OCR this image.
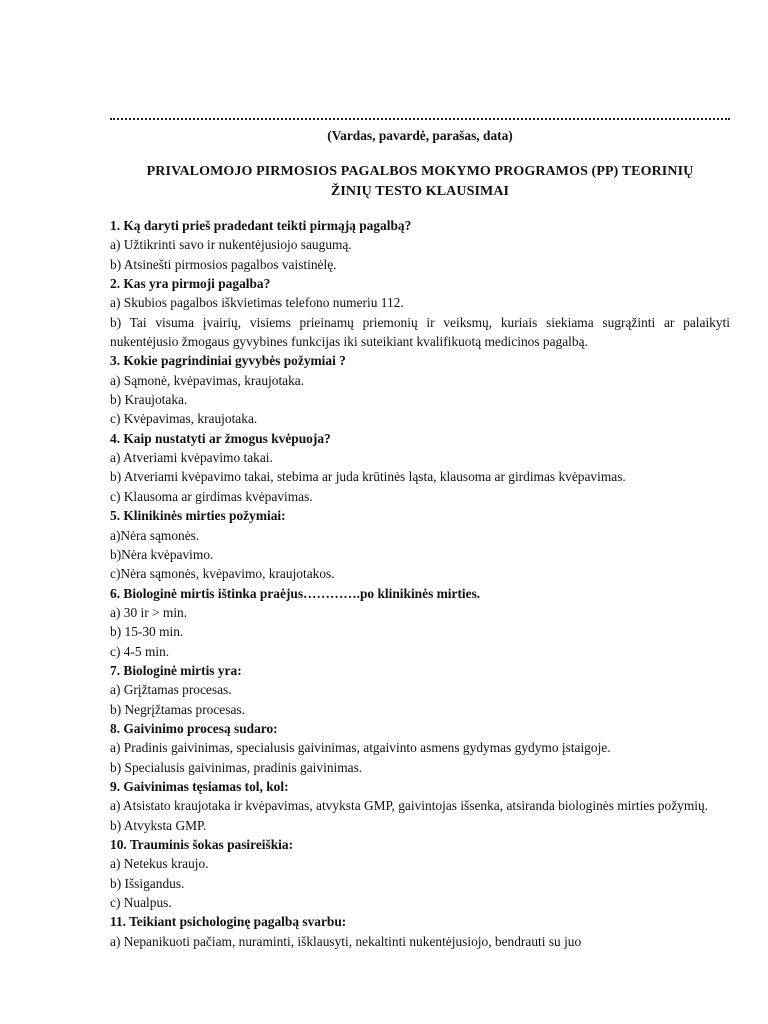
(Vardas, pavardė, parašas, data)
PRIVALOMOJO PIRMOSIOS PAGALBOS MOKYMO PROGRAMOS (PP) TEORINIŲ
ŽINIŲ TESTO KLAUSIMAI
1. Ką daryti prieš pradedant teikti pirmąją pagalbą?
a) Užtikrinti savo ir nukentėjusiojo saugumą.
b) Atsinešti pirmosios pagalbos vaistinėlę.
2. Kas yra pirmoji pagalba?
a) Skubios pagalbos iškvietimas telefono numeriu 112.
b) Tai visuma įvairių, visiems prieinamų priemonių ir veiksmų, kuriais siekiama sugrąžinti ar palaikyti nukentėjusio žmogaus gyvybines funkcijas iki suteikiant kvalifikuotą medicinos pagalbą.
3. Kokie pagrindiniai gyvybės požymiai ?
a) Sąmonė, kvėpavimas, kraujotaka.
b) Kraujotaka.
c) Kvėpavimas, kraujotaka.
4. Kaip nustatyti ar žmogus kvėpuoja?
a) Atveriami kvėpavimo takai.
b) Atveriami kvėpavimo takai, stebima ar juda krūtinės ląsta, klausoma ar girdimas kvėpavimas.
c) Klausoma ar girdimas kvėpavimas.
5. Klinikinės mirties požymiai:
a)Nėra sąmonės.
b)Nėra kvėpavimo.
c)Nėra sąmonės, kvėpavimo, kraujotakos.
6. Biologinė mirtis ištinka praėjus………….po klinikinės mirties.
a) 30 ir > min.
b) 15-30 min.
c) 4-5 min.
7. Biologinė mirtis yra:
a) Grįžtamas procesas.
b) Negrįžtamas procesas.
8. Gaivinimo procesą sudaro:
a) Pradinis gaivinimas, specialusis gaivinimas, atgaivinto asmens gydymas gydymo įstaigoje.
b) Specialusis gaivinimas, pradinis gaivinimas.
9. Gaivinimas tęsiamas tol, kol:
a) Atsistato kraujotaka ir kvėpavimas, atvyksta GMP, gaivintojas išsenka, atsiranda biologinės mirties požymių.
b) Atvyksta GMP.
10. Trauminis šokas pasireiškia:
a) Netekus kraujo.
b) Išsigandus.
c) Nualpus.
11. Teikiant psichologinę pagalbą svarbu:
a) Nepanikuoti pačiam, nuraminti, išklausyti, nekaltinti nukentėjusiojo, bendrauti su juo
